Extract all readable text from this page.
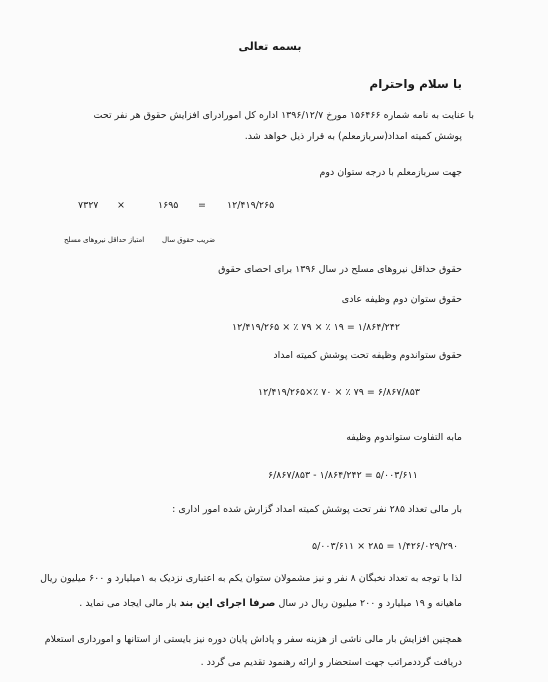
بسمه تعالی
با سلام واحترام
با عنایت به نامه شماره ۱۵۶۴۶۶ مورخ ۱۳۹۶/۱۲/۷ اداره کل امورادرای افزایش حقوق هر نفر تحت
پوشش کمیته امداد(سربازمعلم) به قرار ذیل خواهد شد.
جهت سربازمعلم با درجه ستوان دوم
۱۲/۴۱۹/۲۶۵
=
۱۶۹۵
×
۷۳۲۷
ضریب حقوق سال
امتیاز حداقل نیروهای مسلح
حقوق حداقل نیروهای مسلح در سال ۱۳۹۶ برای احصای حقوق
حقوق ستوان دوم وظیفه عادی
۱۲/۴۱۹/۲۶۵ × ٪ ۷۹ × ٪ ۱۹ = ۱/۸۶۴/۲۴۲
حقوق ستواندوم وظیفه تحت پوشش کمیته امداد
۱۲/۴۱۹/۲۶۵×٪ ۷۰ × ٪ ۷۹ = ۶/۸۶۷/۸۵۳
مابه التفاوت ستواندوم وظیفه
۶/۸۶۷/۸۵۳ - ۱/۸۶۴/۲۴۲ = ۵/۰۰۳/۶۱۱
بار مالی تعداد ۲۸۵ نفر تحت پوشش کمیته امداد گزارش شده امور اداری :
۵/۰۰۳/۶۱۱ × ۲۸۵ = ۱/۴۲۶/۰۲۹/۲۹۰
لذا با توجه به تعداد نخبگان ۸ نفر و نیز مشمولان ستوان یکم به اعتباری نزدیک به ۱میلیارد و ۶۰۰ میلیون ریال
ماهیانه و ۱۹ میلیارد و ۲۰۰ میلیون ریال در سال صرفا اجرای این بند بار مالی ایجاد می نماید .
همچنین افزایش بار مالی ناشی از هزینه سفر و پاداش پایان دوره نیز بایستی از استانها و امورداری استعلام
دریافت گرددمراتب جهت استحضار و ارائه رهنمود تقدیم می گردد .
